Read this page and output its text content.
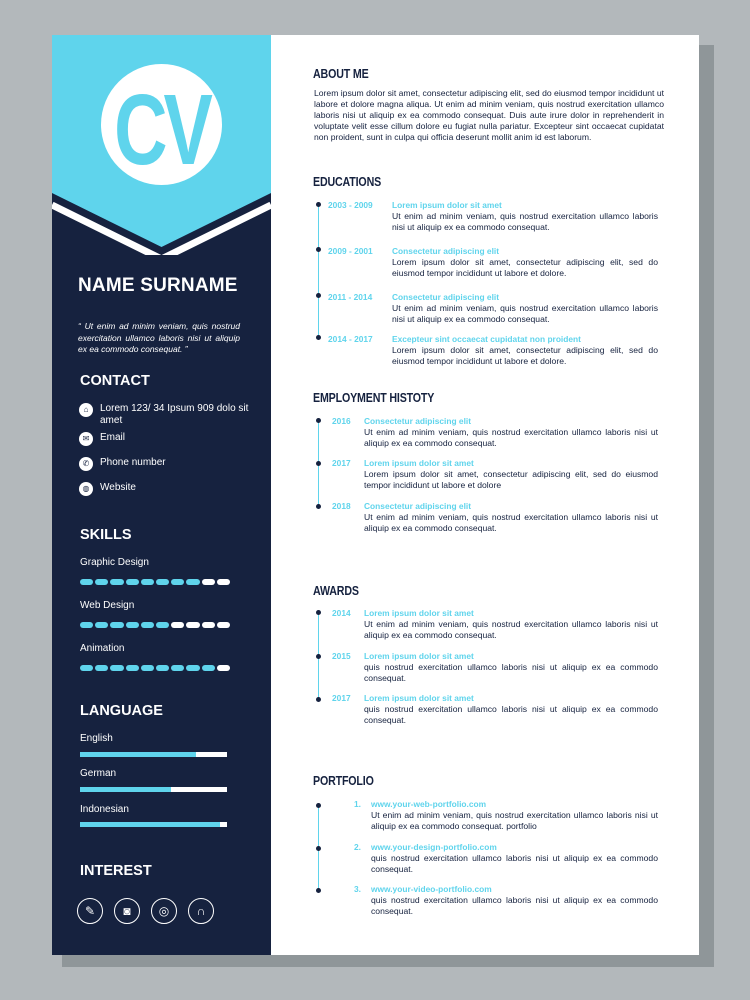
CV
NAME SURNAME
“ Ut enim ad minim veniam, quis nostrud exercitation ullamco laboris nisi ut aliquip ex ea commodo consequat. ”
CONTACT
⌂	Lorem 123/ 34 Ipsum 909 dolo sit amet
✉	Email
✆	Phone number
◍	Website
SKILLS
Graphic Design
Web Design
Animation
LANGUAGE
English
German
Indonesian
INTEREST
✎	◙	◎	∩
ABOUT ME
Lorem ipsum dolor sit amet, consectetur adipiscing elit, sed do eiusmod tempor incididunt ut labore et dolore magna aliqua. Ut enim ad minim veniam, quis nostrud exercitation ullamco laboris nisi ut aliquip ex ea commodo consequat. Duis aute irure dolor in reprehenderit in voluptate velit esse cillum dolore eu fugiat nulla pariatur. Excepteur sint occaecat cupidatat non proident, sunt in culpa qui officia deserunt mollit anim id est laborum.
EDUCATIONS
2003 - 2009 Lorem ipsum dolor sit amet
Ut enim ad minim veniam, quis nostrud exercitation ullamco laboris nisi ut aliquip ex ea commodo consequat.
2009 - 2001 Consectetur adipiscing elit
Lorem ipsum dolor sit amet, consectetur adipiscing elit, sed do eiusmod tempor incididunt ut labore et dolore.
2011 - 2014 Consectetur adipiscing elit
Ut enim ad minim veniam, quis nostrud exercitation ullamco laboris nisi ut aliquip ex ea commodo consequat.
2014 - 2017 Excepteur sint occaecat cupidatat non proident
Lorem ipsum dolor sit amet, consectetur adipiscing elit, sed do eiusmod tempor incididunt ut labore et dolore.
EMPLOYMENT HISTOTY
2016 Consectetur adipiscing elit
Ut enim ad minim veniam, quis nostrud exercitation ullamco laboris nisi ut aliquip ex ea commodo consequat.
2017 Lorem ipsum dolor sit amet
Lorem ipsum dolor sit amet, consectetur adipiscing elit, sed do eiusmod tempor incididunt ut labore et dolore
2018 Consectetur adipiscing elit
Ut enim ad minim veniam, quis nostrud exercitation ullamco laboris nisi ut aliquip ex ea commodo consequat.
AWARDS
2014 Lorem ipsum dolor sit amet
Ut enim ad minim veniam, quis nostrud exercitation ullamco laboris nisi ut aliquip ex ea commodo consequat.
2015 Lorem ipsum dolor sit amet
quis nostrud exercitation ullamco laboris nisi ut aliquip ex ea commodo consequat.
2017 Lorem ipsum dolor sit amet
quis nostrud exercitation ullamco laboris nisi ut aliquip ex ea commodo consequat.
PORTFOLIO
1. www.your-web-portfolio.com
Ut enim ad minim veniam, quis nostrud exercitation ullamco laboris nisi ut aliquip ex ea commodo consequat. portfolio
2. www.your-design-portfolio.com
quis nostrud exercitation ullamco laboris nisi ut aliquip ex ea commodo consequat.
3. www.your-video-portfolio.com
quis nostrud exercitation ullamco laboris nisi ut aliquip ex ea commodo consequat.
